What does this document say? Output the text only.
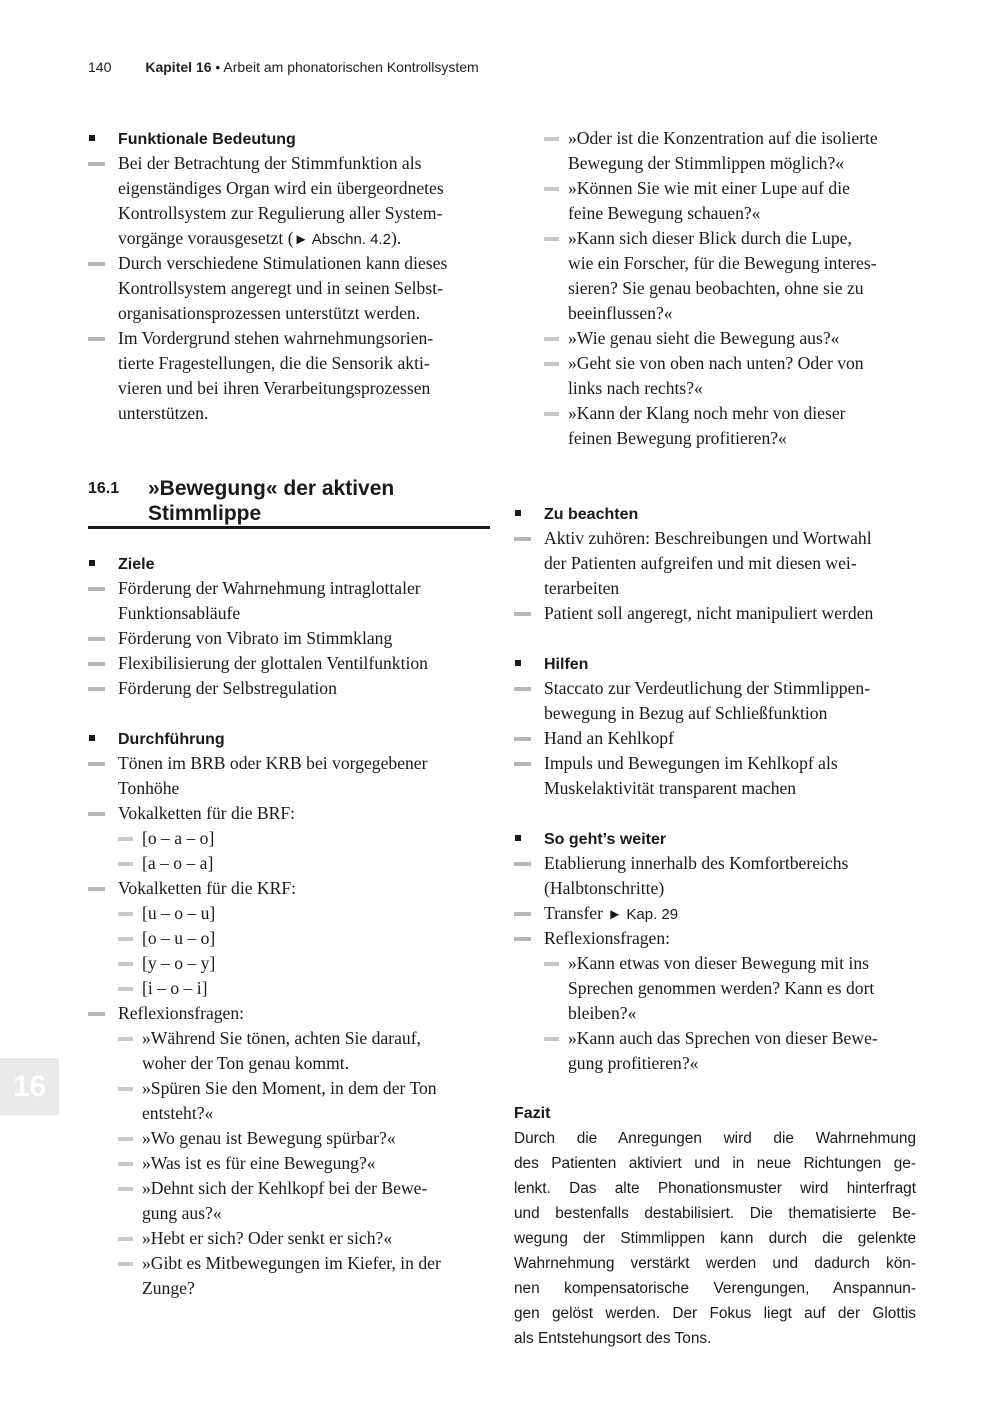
140 Kapitel 16 • Arbeit am phonatorischen Kontrollsystem
Funktionale Bedeutung
Bei der Betrachtung der Stimmfunktion als
eigenständiges Organ wird ein übergeordnetes
Kontrollsystem zur Regulierung aller System-
vorgänge vorausgesetzt (► Abschn. 4.2).
Durch verschiedene Stimulationen kann dieses
Kontrollsystem angeregt und in seinen Selbst-
organisationsprozessen unterstützt werden.
Im Vordergrund stehen wahrnehmungsorien-
tierte Fragestellungen, die die Sensorik akti-
vieren und bei ihren Verarbeitungsprozessen
unterstützen.
16.1 »Bewegung« der aktiven
Stimmlippe
Ziele
Förderung der Wahrnehmung intraglottaler
Funktionsabläufe
Förderung von Vibrato im Stimmklang
Flexibilisierung der glottalen Ventilfunktion
Förderung der Selbstregulation
Durchführung
Tönen im BRB oder KRB bei vorgegebener
Tonhöhe
Vokalketten für die BRF:
[o – a – o]
[a – o – a]
Vokalketten für die KRF:
[u – o – u]
[o – u – o]
[y – o – y]
[i – o – i]
Reflexionsfragen:
»Während Sie tönen, achten Sie darauf,
woher der Ton genau kommt.
»Spüren Sie den Moment, in dem der Ton
entsteht?«
»Wo genau ist Bewegung spürbar?«
»Was ist es für eine Bewegung?«
»Dehnt sich der Kehlkopf bei der Bewe-
gung aus?«
»Hebt er sich? Oder senkt er sich?«
»Gibt es Mitbewegungen im Kiefer, in der
Zunge?
»Oder ist die Konzentration auf die isolierte
Bewegung der Stimmlippen möglich?«
»Können Sie wie mit einer Lupe auf die
feine Bewegung schauen?«
»Kann sich dieser Blick durch die Lupe,
wie ein Forscher, für die Bewegung interes-
sieren? Sie genau beobachten, ohne sie zu
beeinflussen?«
»Wie genau sieht die Bewegung aus?«
»Geht sie von oben nach unten? Oder von
links nach rechts?«
»Kann der Klang noch mehr von dieser
feinen Bewegung profitieren?«
Zu beachten
Aktiv zuhören: Beschreibungen und Wortwahl
der Patienten aufgreifen und mit diesen wei-
terarbeiten
Patient soll angeregt, nicht manipuliert werden
Hilfen
Staccato zur Verdeutlichung der Stimmlippen-
bewegung in Bezug auf Schließfunktion
Hand an Kehlkopf
Impuls und Bewegungen im Kehlkopf als
Muskelaktivität transparent machen
So geht’s weiter
Etablierung innerhalb des Komfortbereichs
(Halbtonschritte)
Transfer ► Kap. 29
Reflexionsfragen:
»Kann etwas von dieser Bewegung mit ins
Sprechen genommen werden? Kann es dort
bleiben?«
»Kann auch das Sprechen von dieser Bewe-
gung profitieren?«
Fazit
Durch die Anregungen wird die Wahrnehmung
des Patienten aktiviert und in neue Richtungen ge-
lenkt. Das alte Phonationsmuster wird hinterfragt
und bestenfalls destabilisiert. Die thematisierte Be-
wegung der Stimmlippen kann durch die gelenkte
Wahrnehmung verstärkt werden und dadurch kön-
nen kompensatorische Verengungen, Anspannun-
gen gelöst werden. Der Fokus liegt auf der Glottis
als Entstehungsort des Tons.
16
